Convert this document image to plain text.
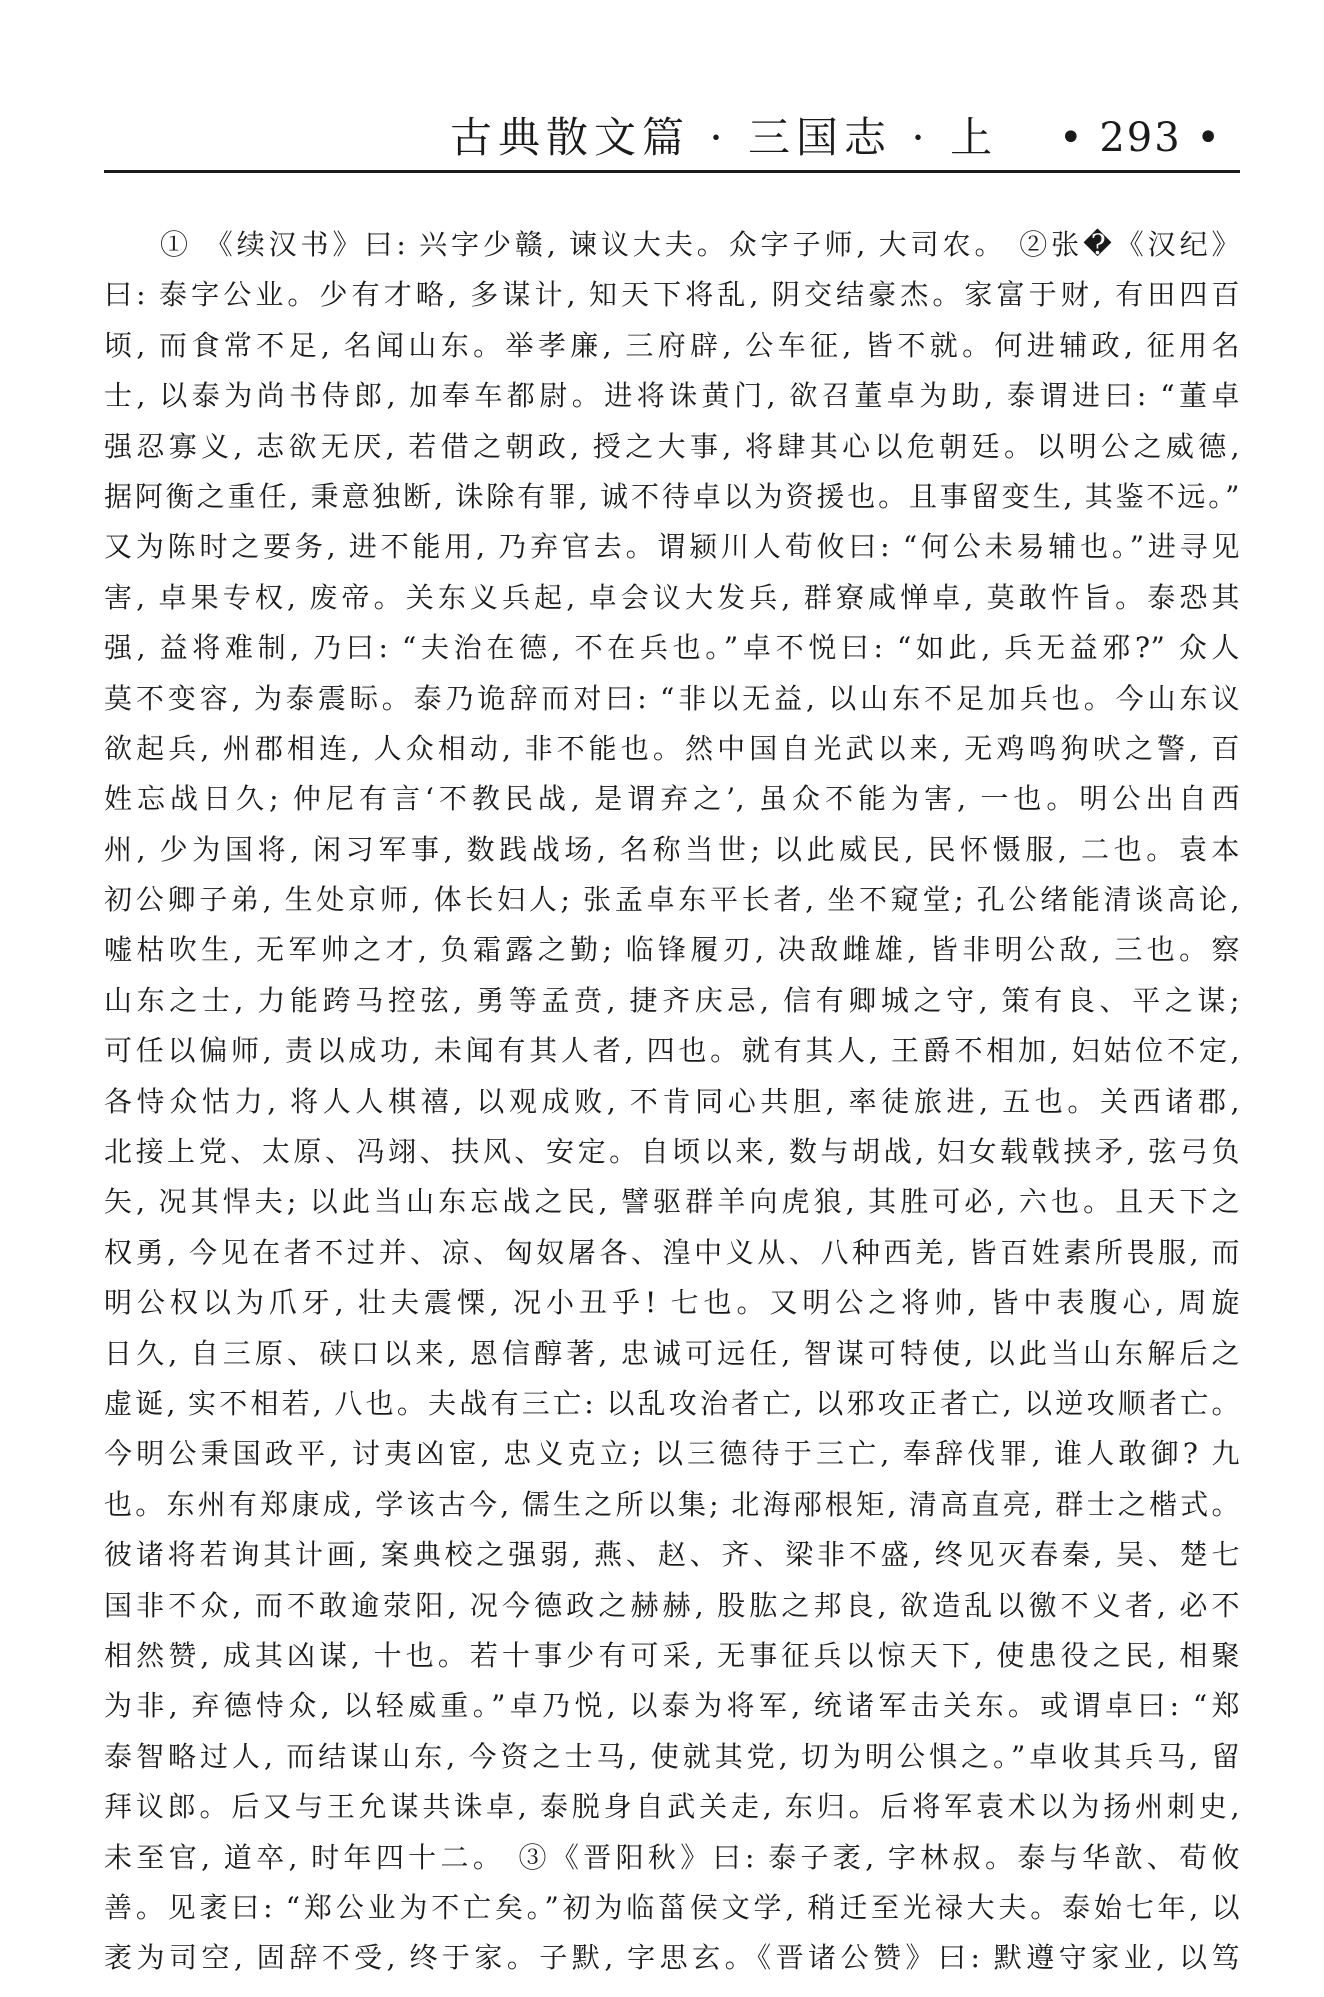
古典散文篇 · 三国志 · 上 • 293 •
① 《续汉书》曰: 兴字少赣, 谏议大夫。众字子师, 大司农。 ②张�《汉纪》
曰: 泰字公业。少有才略, 多谋计, 知天下将乱, 阴交结豪杰。家富于财, 有田四百
顷, 而食常不足, 名闻山东。举孝廉, 三府辟, 公车征, 皆不就。何进辅政, 征用名
士, 以泰为尚书侍郎, 加奉车都尉。进将诛黄门, 欲召董卓为助, 泰谓进曰: “董卓
强忍寡义, 志欲无厌, 若借之朝政, 授之大事, 将肆其心以危朝廷。以明公之威德,
据阿衡之重任, 秉意独断, 诛除有罪, 诚不待卓以为资援也。且事留变生, 其鉴不远。”
又为陈时之要务, 进不能用, 乃弃官去。谓颍川人荀攸曰: “何公未易辅也。”进寻见
害, 卓果专权, 废帝。关东义兵起, 卓会议大发兵, 群寮咸惮卓, 莫敢忤旨。泰恐其
强, 益将难制, 乃曰: “夫治在德, 不在兵也。”卓不悦曰: “如此, 兵无益邪?” 众人
莫不变容, 为泰震眎。泰乃诡辞而对曰: “非以无益, 以山东不足加兵也。今山东议
欲起兵, 州郡相连, 人众相动, 非不能也。然中国自光武以来, 无鸡鸣狗吠之警, 百
姓忘战日久; 仲尼有言‘不教民战, 是谓弃之’, 虽众不能为害, 一也。明公出自西
州, 少为国将, 闲习军事, 数践战场, 名称当世; 以此威民, 民怀慑服, 二也。袁本
初公卿子弟, 生处京师, 体长妇人; 张孟卓东平长者, 坐不窥堂; 孔公绪能清谈高论,
嘘枯吹生, 无军帅之才, 负霜露之勤; 临锋履刃, 决敌雌雄, 皆非明公敌, 三也。察
山东之士, 力能跨马控弦, 勇等孟贲, 捷齐庆忌, 信有卿城之守, 策有良、平之谋;
可任以偏师, 责以成功, 未闻有其人者, 四也。就有其人, 王爵不相加, 妇姑位不定,
各恃众怙力, 将人人棋禧, 以观成败, 不肯同心共胆, 率徒旅进, 五也。关西诸郡,
北接上党、太原、冯翊、扶风、安定。自顷以来, 数与胡战, 妇女载戟挟矛, 弦弓负
矢, 况其悍夫; 以此当山东忘战之民, 譬驱群羊向虎狼, 其胜可必, 六也。且天下之
权勇, 今见在者不过并、凉、匈奴屠各、湟中义从、八种西羌, 皆百姓素所畏服, 而
明公权以为爪牙, 壮夫震慄, 况小丑乎! 七也。又明公之将帅, 皆中表腹心, 周旋
日久, 自三原、硖口以来, 恩信醇著, 忠诚可远任, 智谋可特使, 以此当山东解后之
虚诞, 实不相若, 八也。夫战有三亡: 以乱攻治者亡, 以邪攻正者亡, 以逆攻顺者亡。
今明公秉国政平, 讨夷凶宦, 忠义克立; 以三德待于三亡, 奉辞伐罪, 谁人敢御? 九
也。东州有郑康成, 学该古今, 儒生之所以集; 北海邴根矩, 清高直亮, 群士之楷式。
彼诸将若询其计画, 案典校之强弱, 燕、赵、齐、梁非不盛, 终见灭春秦, 吴、楚七
国非不众, 而不敢逾荥阳, 况今德政之赫赫, 股肱之邦良, 欲造乱以徼不义者, 必不
相然赞, 成其凶谋, 十也。若十事少有可采, 无事征兵以惊天下, 使患役之民, 相聚
为非, 弃德恃众, 以轻威重。”卓乃悦, 以泰为将军, 统诸军击关东。或谓卓曰: “郑
泰智略过人, 而结谋山东, 今资之士马, 使就其党, 切为明公惧之。”卓收其兵马, 留
拜议郎。后又与王允谋共诛卓, 泰脱身自武关走, 东归。后将军袁术以为扬州刺史,
未至官, 道卒, 时年四十二。 ③《晋阳秋》曰: 泰子袤, 字林叔。泰与华歆、荀攸
善。见袤曰: “郑公业为不亡矣。”初为临菑侯文学, 稍迁至光禄大夫。泰始七年, 以
袤为司空, 固辞不受, 终于家。子默, 字思玄。《晋诸公赞》曰: 默遵守家业, 以笃
